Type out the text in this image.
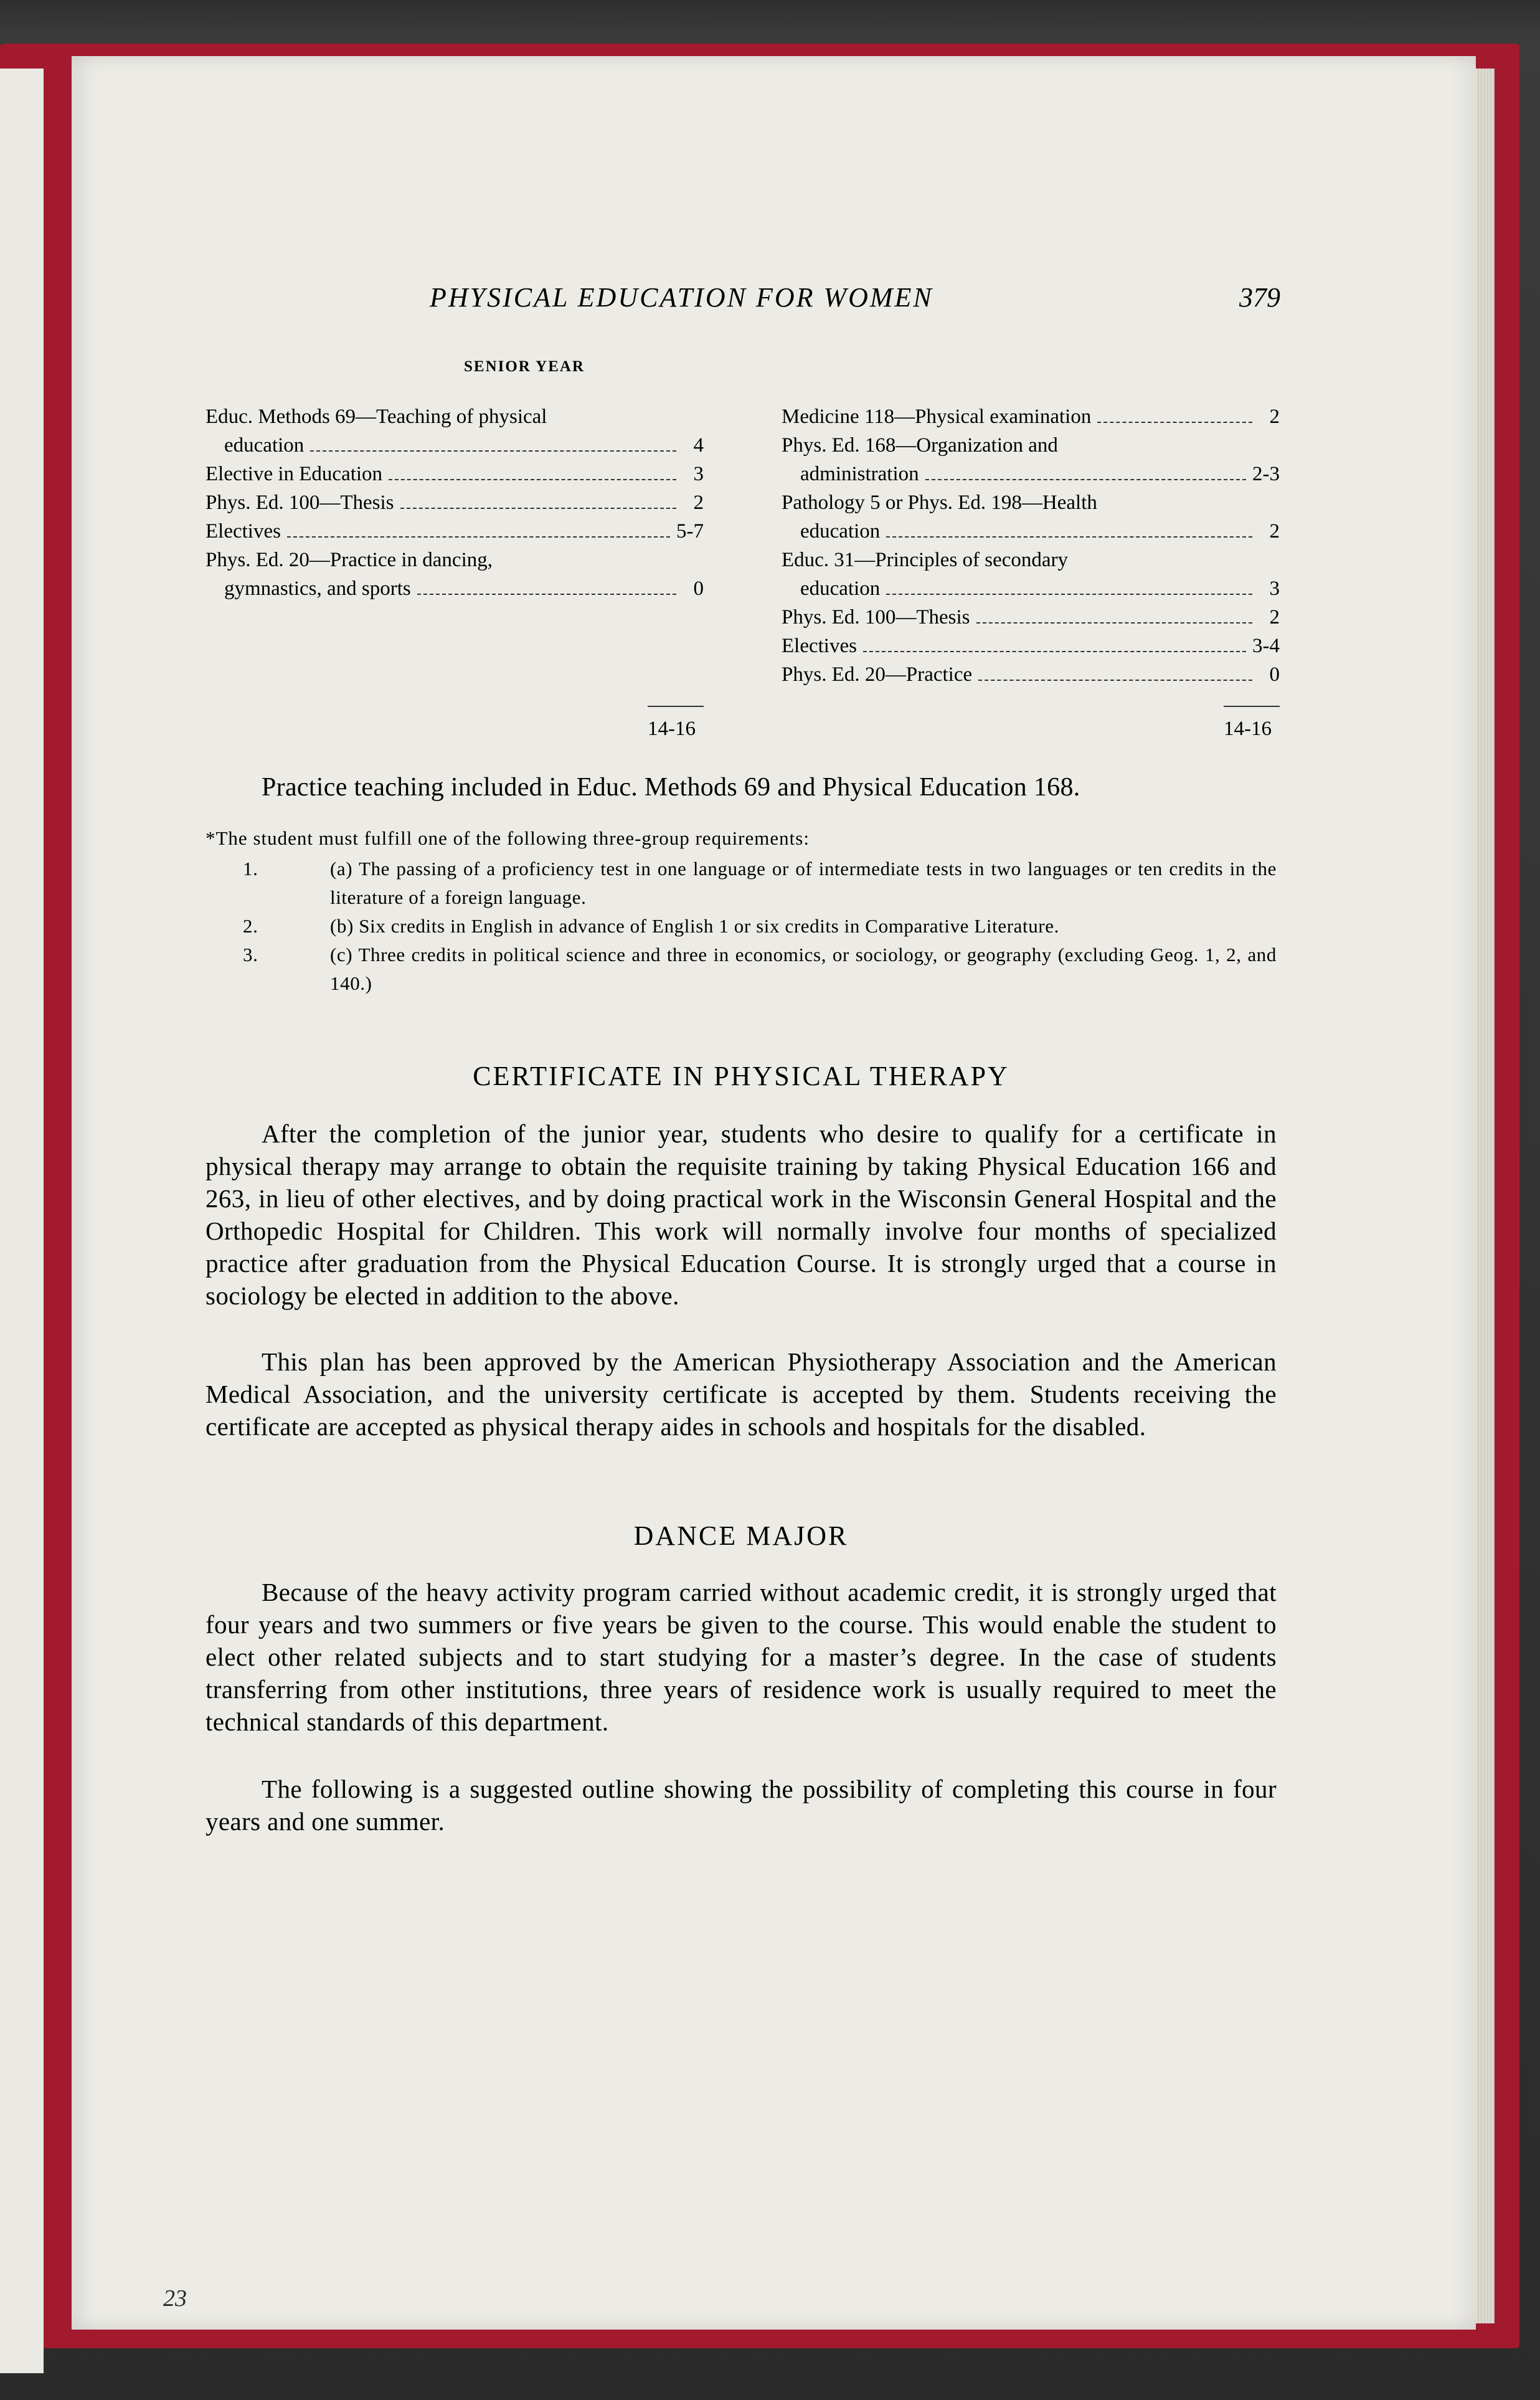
PHYSICAL EDUCATION FOR WOMEN	379
SENIOR YEAR
Educ. Methods 69—Teaching of physical
education	4
Elective in Education	3
Phys. Ed. 100—Thesis	2
Electives	5-7
Phys. Ed. 20—Practice in dancing,
gymnastics, and sports	0
Medicine 118—Physical examination	2
Phys. Ed. 168—Organization and
administration	2-3
Pathology 5 or Phys. Ed. 198—Health
education	2
Educ. 31—Principles of secondary
education	3
Phys. Ed. 100—Thesis	2
Electives	3-4
Phys. Ed. 20—Practice	0
14-16	14-16
Practice teaching included in Educ. Methods 69 and Physical Education 168.
*The student must fulfill one of the following three-group requirements:
1.	(a) The passing of a proficiency test in one language or of intermediate tests in two languages or ten credits in the literature of a foreign language.
2.	(b) Six credits in English in advance of English 1 or six credits in Comparative Literature.
3.	(c) Three credits in political science and three in economics, or sociology, or geography (excluding Geog. 1, 2, and 140.)
CERTIFICATE IN PHYSICAL THERAPY
After the completion of the junior year, students who desire to qualify for a certificate in physical therapy may arrange to obtain the requisite training by taking Physical Education 166 and 263, in lieu of other electives, and by doing practical work in the Wisconsin General Hospital and the Orthopedic Hospital for Children. This work will normally involve four months of specialized practice after graduation from the Physical Education Course. It is strongly urged that a course in sociology be elected in addition to the above.
This plan has been approved by the American Physiotherapy Association and the American Medical Association, and the university certificate is accepted by them. Students receiving the certificate are accepted as physical therapy aides in schools and hospitals for the disabled.
DANCE MAJOR
Because of the heavy activity program carried without academic credit, it is strongly urged that four years and two summers or five years be given to the course. This would enable the student to elect other related subjects and to start studying for a master’s degree. In the case of students transferring from other institutions, three years of residence work is usually required to meet the technical standards of this department.
The following is a suggested outline showing the possibility of completing this course in four years and one summer.
23
